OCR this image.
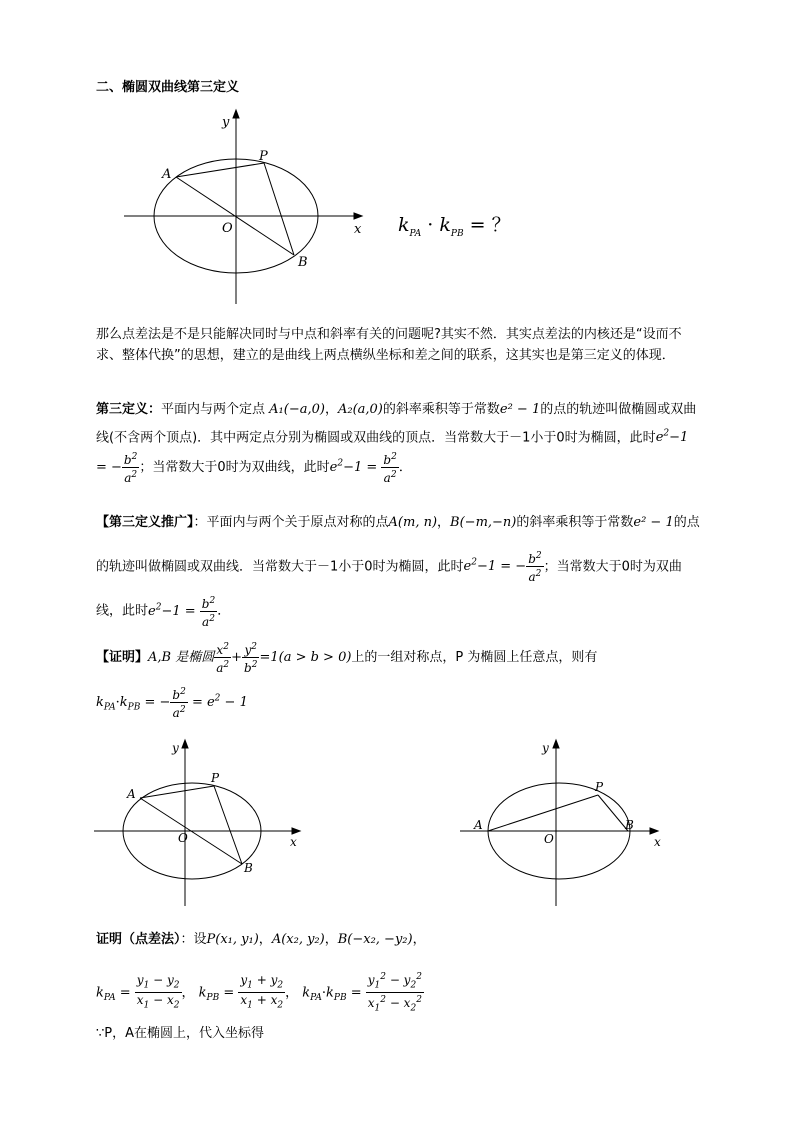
二、椭圆双曲线第三定义
y
x
O
A
P
B
$k_{PA} \cdot k_{PB}$ = ？
那么点差法是不是只能解决同时与中点和斜率有关的问题呢?其实不然．其实点差法的内核还是“设而不求、整体代换”的思想，建立的是曲线上两点横纵坐标和差之间的联系，这其实也是第三定义的体现．
第三定义：平面内与两个定点 A₁(−a,0)，A₂(a,0)的斜率乘积等于常数e² − 1的点的轨迹叫做椭圆或双曲线(不含两个顶点)．其中两定点分别为椭圆或双曲线的顶点．当常数大于－1小于0时为椭圆，此时$e^2-1$ = − $\frac{b^2}{a^2}$ ；当常数大于0时为双曲线，此时$e^2-1 = \frac{b^2}{a^2}$ ．
【第三定义推广】：平面内与两个关于原点对称的点A(m, n)，B(−m,−n)的斜率乘积等于常数e² − 1的点的轨迹叫做椭圆或双曲线．当常数大于－1小于0时为椭圆，此时$e^2-1$ = − $\frac{b^2}{a^2}$ ；当常数大于0时为双曲线，此时$e^2-1 = \frac{b^2}{a^2}$ ．
【证明】A,B 是椭圆 $\frac{x^2}{a^2} + \frac{y^2}{b^2} =1(a > b > 0)$上的一组对称点，P 为椭圆上任意点，则有
$k_{PA}\cdot k_{PB}$ = − $\frac{b^2}{a^2} = e^2 - 1$
y
x
O
A
P
B
y
x
O
A
P
B
证明（点差法）：设P(x₁, y₁)，A(x₂, y₂)，B(−x₂, −y₂)，
$k_{PA} = \frac{y_1 - y_2}{x_1 - x_2}$ ， $k_{PB} = \frac{y_1 + y_2}{x_1 + x_2}$ ， $k_{PA}\cdot k_{PB} = \frac{y_1^2 - y_2^2}{x_1^2 - x_2^2}$
∵P，A在椭圆上，代入坐标得
